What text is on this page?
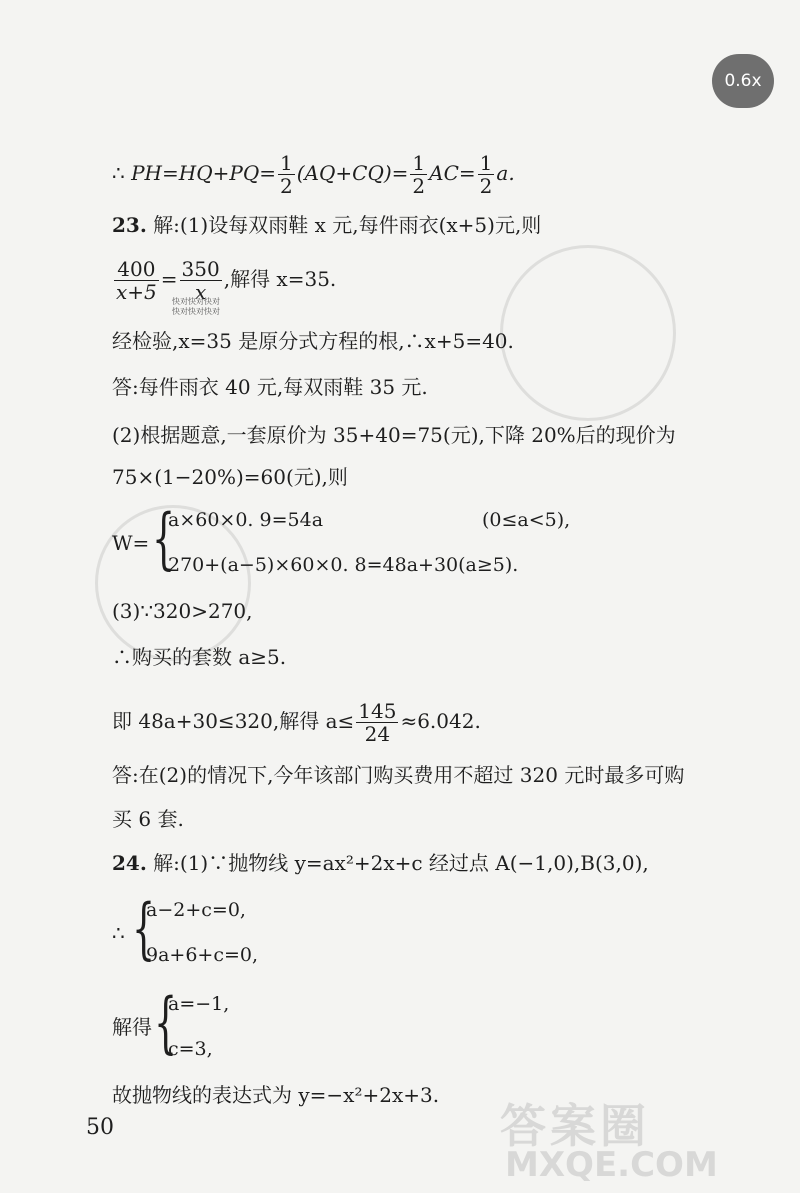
0.6x
∴ $PH=HQ+PQ= \frac{1}{2} (AQ+CQ)= \frac{1}{2} AC= \frac{1}{2} a$.
23. 解:(1)设每双雨鞋 x 元,每件雨衣(x+5)元,则
$\frac{400}{x+5} = \frac{350}{x}$ ,解得 x=35.
快对快对快对
快对快对快对
经检验,x=35 是原分式方程的根,∴x+5=40.
答:每件雨衣 40 元,每双雨鞋 35 元.
(2)根据题意,一套原价为 35+40=75(元),下降 20%后的现价为
75×(1−20%)=60(元),则
W= {
a×60×0. 9=54a	(0≤a<5),
270+(a−5)×60×0. 8=48a+30(a≥5).
(3)∵320>270,
∴购买的套数 a≥5.
即 48a+30≤320,解得 $a\le \frac{145}{24} \approx 6.042$.
答:在(2)的情况下,今年该部门购买费用不超过 320 元时最多可购
买 6 套.
24. 解:(1)∵抛物线 y=ax²+2x+c 经过点 A(−1,0),B(3,0),
∴ {
a−2+c=0,
9a+6+c=0,
解得 {
a=−1,
c=3,
故抛物线的表达式为 y=−x²+2x+3.
50	答案圈
MXQE.COM
